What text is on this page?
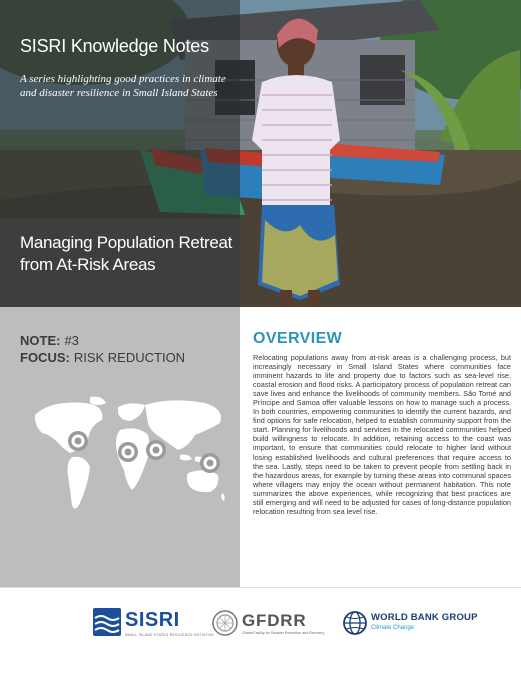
SISRI Knowledge Notes
A series highlighting good practices in climate and disaster resilience in Small Island States
Managing Population Retreat from At-Risk Areas
NOTE: #3
FOCUS: RISK REDUCTION
OVERVIEW
Relocating populations away from at-risk areas is a challenging process, but increasingly necessary in Small Island States where communities face imminent hazards to life and property due to factors such as sea-level rise, coastal erosion and flood risks. A participatory process of population retreat can save lives and enhance the livelihoods of community members. São Tomé and Príncipe and Samoa offer valuable lessons on how to manage such a process. In both countries, empowering communities to identify the current hazards, and find options for safe relocation, helped to establish community support from the start. Planning for livelihoods and services in the relocated communities helped build willingness to relocate. In addition, retaining access to the coast was important, to ensure that communities could relocate to higher land without losing established livelihoods and cultural preferences that require access to the sea. Lastly, steps need to be taken to prevent people from settling back in the hazardous areas, for example by turning these areas into communal spaces where villagers may enjoy the ocean without permanent habitation. This note summarizes the above experiences, while recognizing that best practices are still emerging and will need to be adjusted for cases of long-distance population relocation resulting from sea level rise.
SISRI
SMALL ISLAND STATES RESILIENCE INITIATIVE
GFDRR
Global Facility for Disaster Reduction and Recovery
WORLD BANK GROUP
Climate Change
